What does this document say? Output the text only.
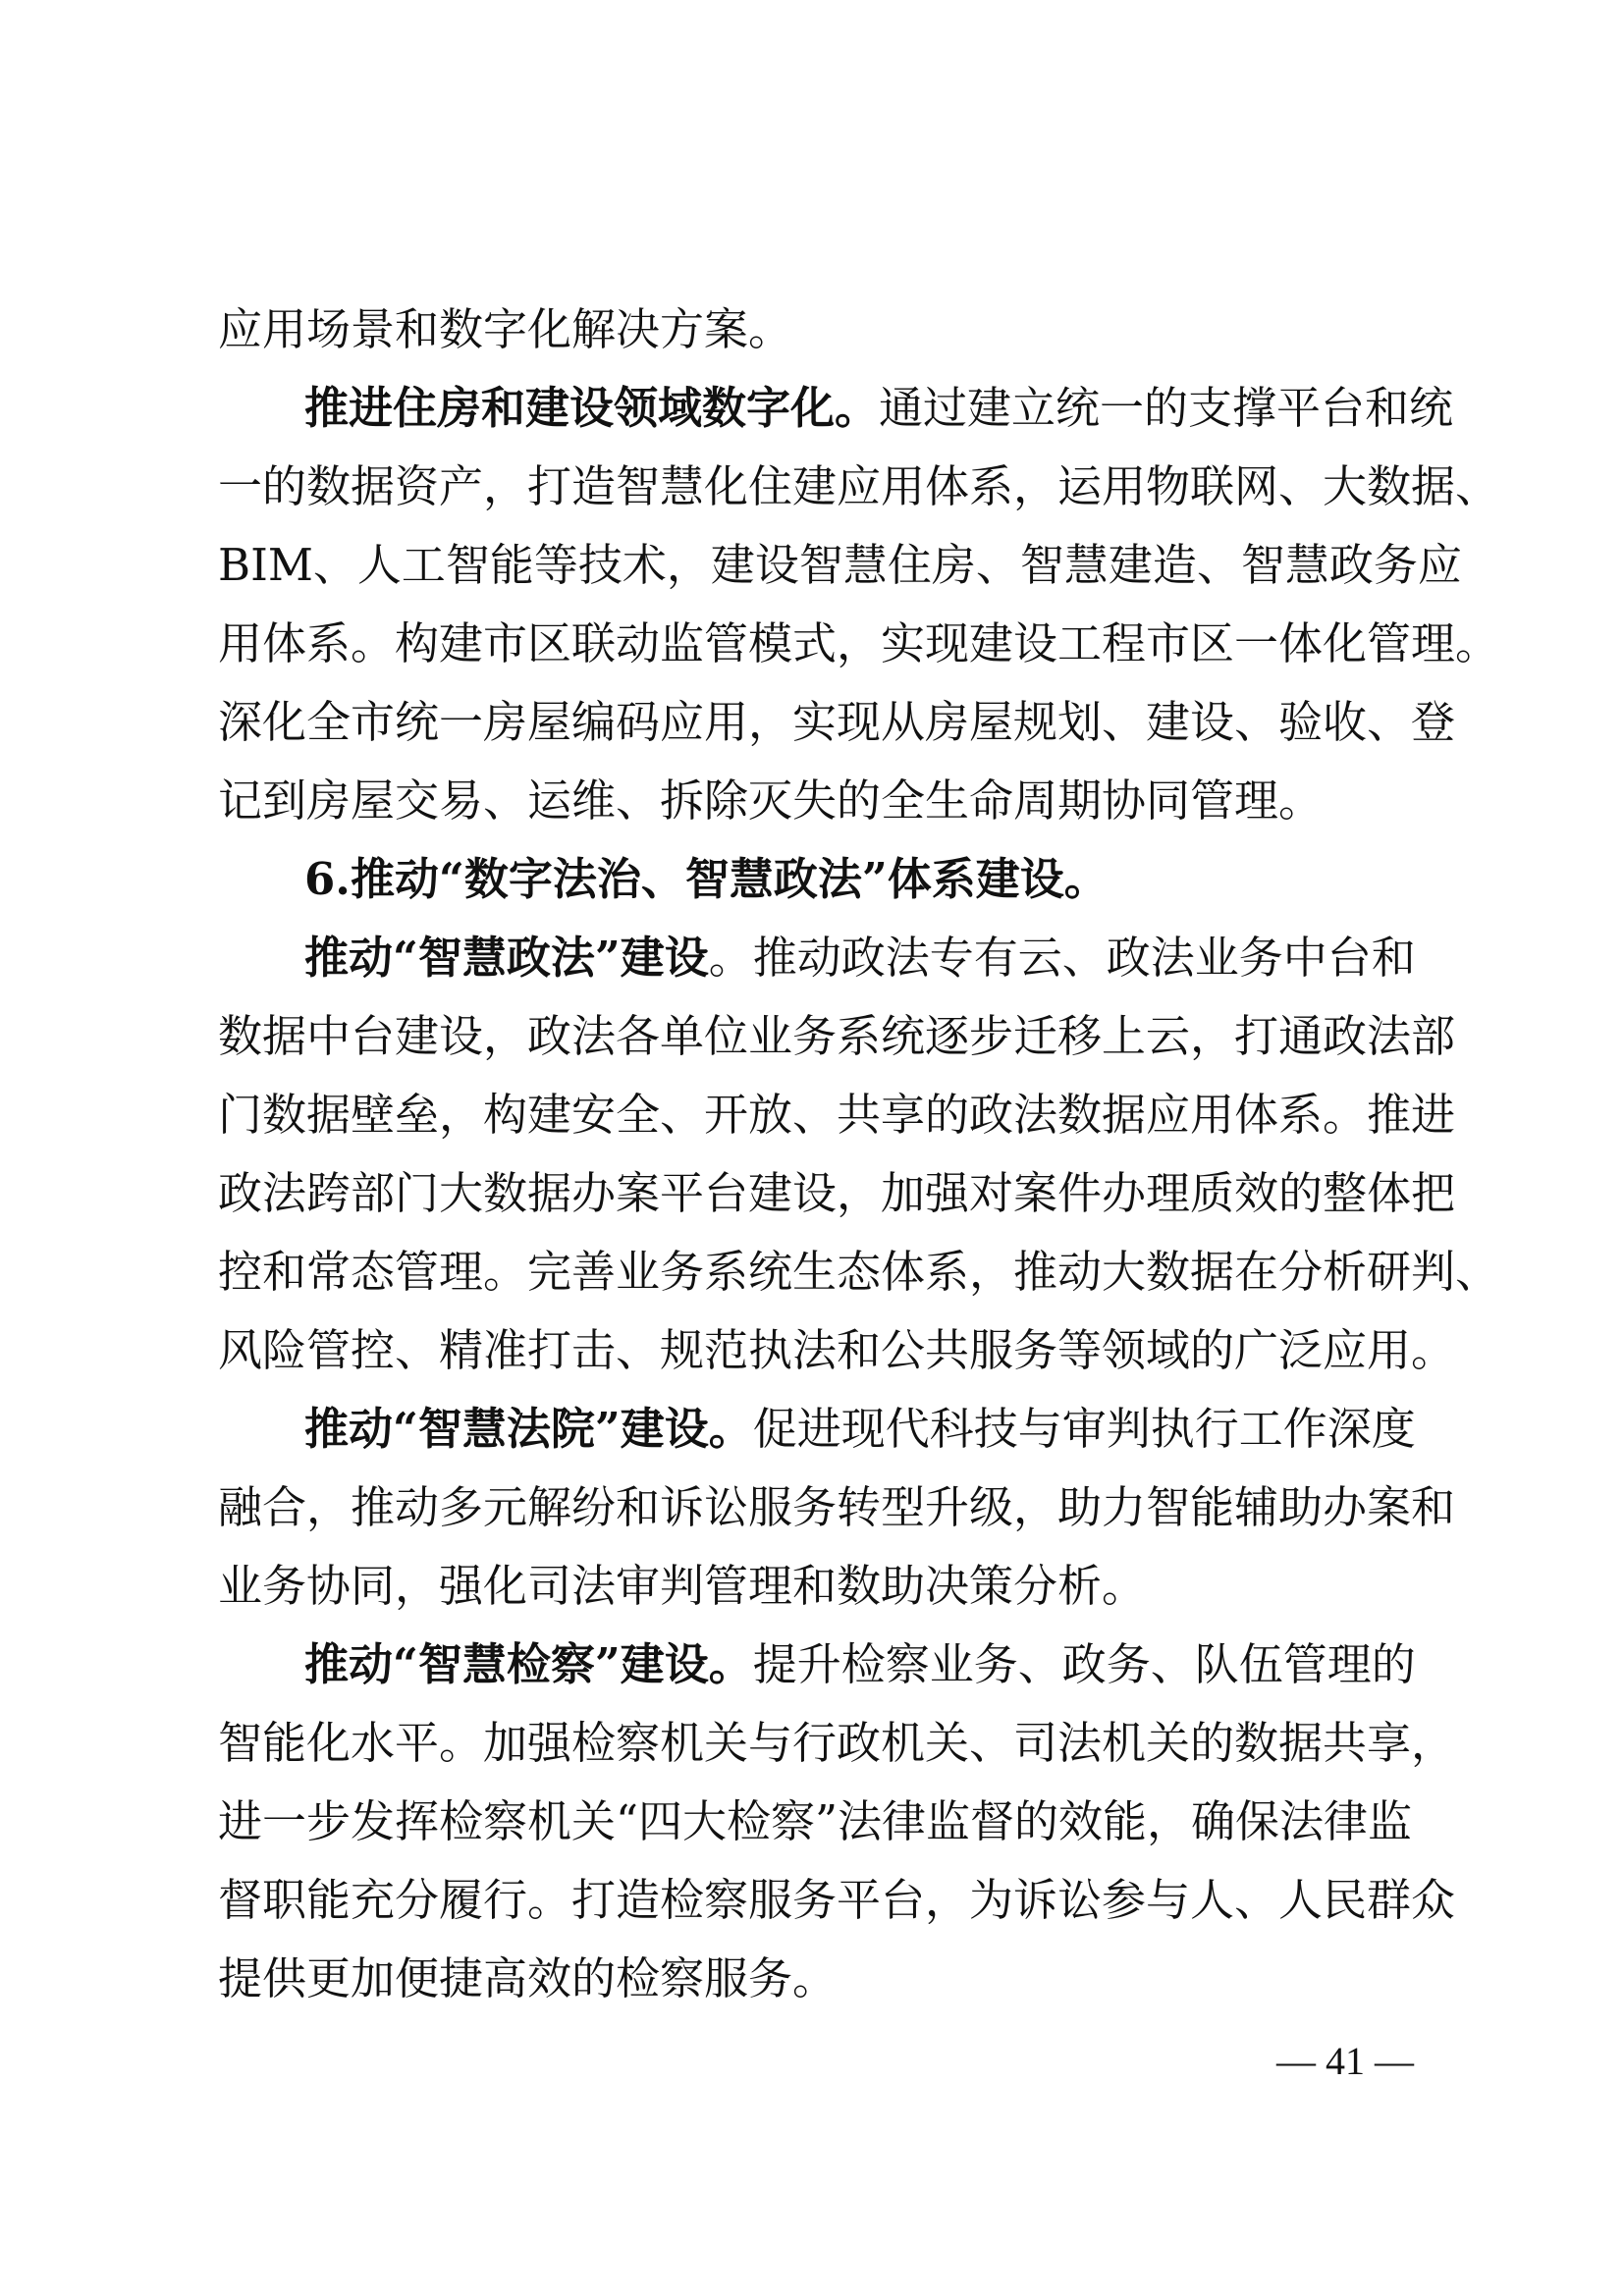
应用场景和数字化解决方案。
推进住房和建设领域数字化。通过建立统一的支撑平台和统
一的数据资产，打造智慧化住建应用体系，运用物联网、大数据、
BIM、人工智能等技术，建设智慧住房、智慧建造、智慧政务应
用体系。构建市区联动监管模式，实现建设工程市区一体化管理。
深化全市统一房屋编码应用，实现从房屋规划、建设、验收、登
记到房屋交易、运维、拆除灭失的全生命周期协同管理。
6.推动“数字法治、智慧政法”体系建设。
推动“智慧政法”建设。推动政法专有云、政法业务中台和
数据中台建设，政法各单位业务系统逐步迁移上云，打通政法部
门数据壁垒，构建安全、开放、共享的政法数据应用体系。推进
政法跨部门大数据办案平台建设，加强对案件办理质效的整体把
控和常态管理。完善业务系统生态体系，推动大数据在分析研判、
风险管控、精准打击、规范执法和公共服务等领域的广泛应用。
推动“智慧法院”建设。促进现代科技与审判执行工作深度
融合，推动多元解纷和诉讼服务转型升级，助力智能辅助办案和
业务协同，强化司法审判管理和数助决策分析。
推动“智慧检察”建设。提升检察业务、政务、队伍管理的
智能化水平。加强检察机关与行政机关、司法机关的数据共享，
进一步发挥检察机关“四大检察”法律监督的效能，确保法律监
督职能充分履行。打造检察服务平台，为诉讼参与人、人民群众
提供更加便捷高效的检察服务。
— 41 —
